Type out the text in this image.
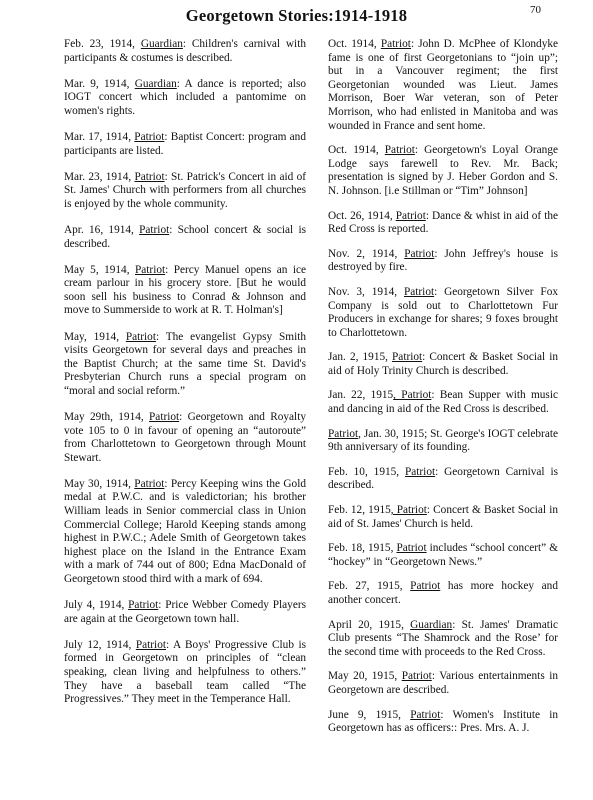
Georgetown Stories:1914-1918	70

Feb. 23, 1914, Guardian: Children's carnival with participants & costumes is described.

Mar. 9, 1914, Guardian: A dance is reported; also IOGT concert which included a pantomime on women's rights.

Mar. 17, 1914, Patriot: Baptist Concert: program and participants are listed.

Mar. 23, 1914, Patriot: St. Patrick's Concert in aid of St. James' Church with performers from all churches is enjoyed by the whole community.

Apr. 16, 1914, Patriot: School concert & social is described.

May 5, 1914, Patriot: Percy Manuel opens an ice cream parlour in his grocery store. [But he would soon sell his business to Conrad & Johnson and move to Summerside to work at R. T. Holman's]

May, 1914, Patriot: The evangelist Gypsy Smith visits Georgetown for several days and preaches in the Baptist Church; at the same time St. David's Presbyterian Church runs a special program on “moral and social reform.”

May 29th, 1914, Patriot: Georgetown and Royalty vote 105 to 0 in favour of opening an “autoroute” from Charlottetown to Georgetown through Mount Stewart.

May 30, 1914, Patriot: Percy Keeping wins the Gold medal at P.W.C. and is valedictorian; his brother William leads in Senior commercial class in Union Commercial College; Harold Keeping stands among highest in P.W.C.; Adele Smith of Georgetown takes highest place on the Island in the Entrance Exam with a mark of 744 out of 800; Edna MacDonald of Georgetown stood third with a mark of 694.

July 4, 1914, Patriot: Price Webber Comedy Players are again at the Georgetown town hall.

July 12, 1914, Patriot: A Boys' Progressive Club is formed in Georgetown on principles of “clean speaking, clean living and helpfulness to others.” They have a baseball team called “The Progressives.” They meet in the Temperance Hall.

Oct. 1914, Patriot: John D. McPhee of Klondyke fame is one of first Georgetonians to “join up”; but in a Vancouver regiment; the first Georgetonian wounded was Lieut. James Morrison, Boer War veteran, son of Peter Morrison, who had enlisted in Manitoba and was wounded in France and sent home.

Oct. 1914, Patriot: Georgetown's Loyal Orange Lodge says farewell to Rev. Mr. Back; presentation is signed by J. Heber Gordon and S. N. Johnson. [i.e Stillman or “Tim” Johnson]

Oct. 26, 1914, Patriot: Dance & whist in aid of the Red Cross is reported.

Nov. 2, 1914, Patriot: John Jeffrey's house is destroyed by fire.

Nov. 3, 1914, Patriot: Georgetown Silver Fox Company is sold out to Charlottetown Fur Producers in exchange for shares; 9 foxes brought to Charlottetown.

Jan. 2, 1915, Patriot: Concert & Basket Social in aid of Holy Trinity Church is described.

Jan. 22, 1915, Patriot: Bean Supper with music and dancing in aid of the Red Cross is described.

Patriot, Jan. 30, 1915; St. George's IOGT celebrate 9th anniversary of its founding.

Feb. 10, 1915, Patriot: Georgetown Carnival is described.

Feb. 12, 1915, Patriot: Concert & Basket Social in aid of St. James' Church is held.

Feb. 18, 1915, Patriot includes “school concert” & “hockey” in “Georgetown News.”

Feb. 27, 1915, Patriot has more hockey and another concert.

April 20, 1915, Guardian: St. James' Dramatic Club presents “The Shamrock and the Rose’ for the second time with proceeds to the Red Cross.

May 20, 1915, Patriot: Various entertainments in Georgetown are described.

June 9, 1915, Patriot: Women's Institute in Georgetown has as officers:: Pres. Mrs. A. J.
